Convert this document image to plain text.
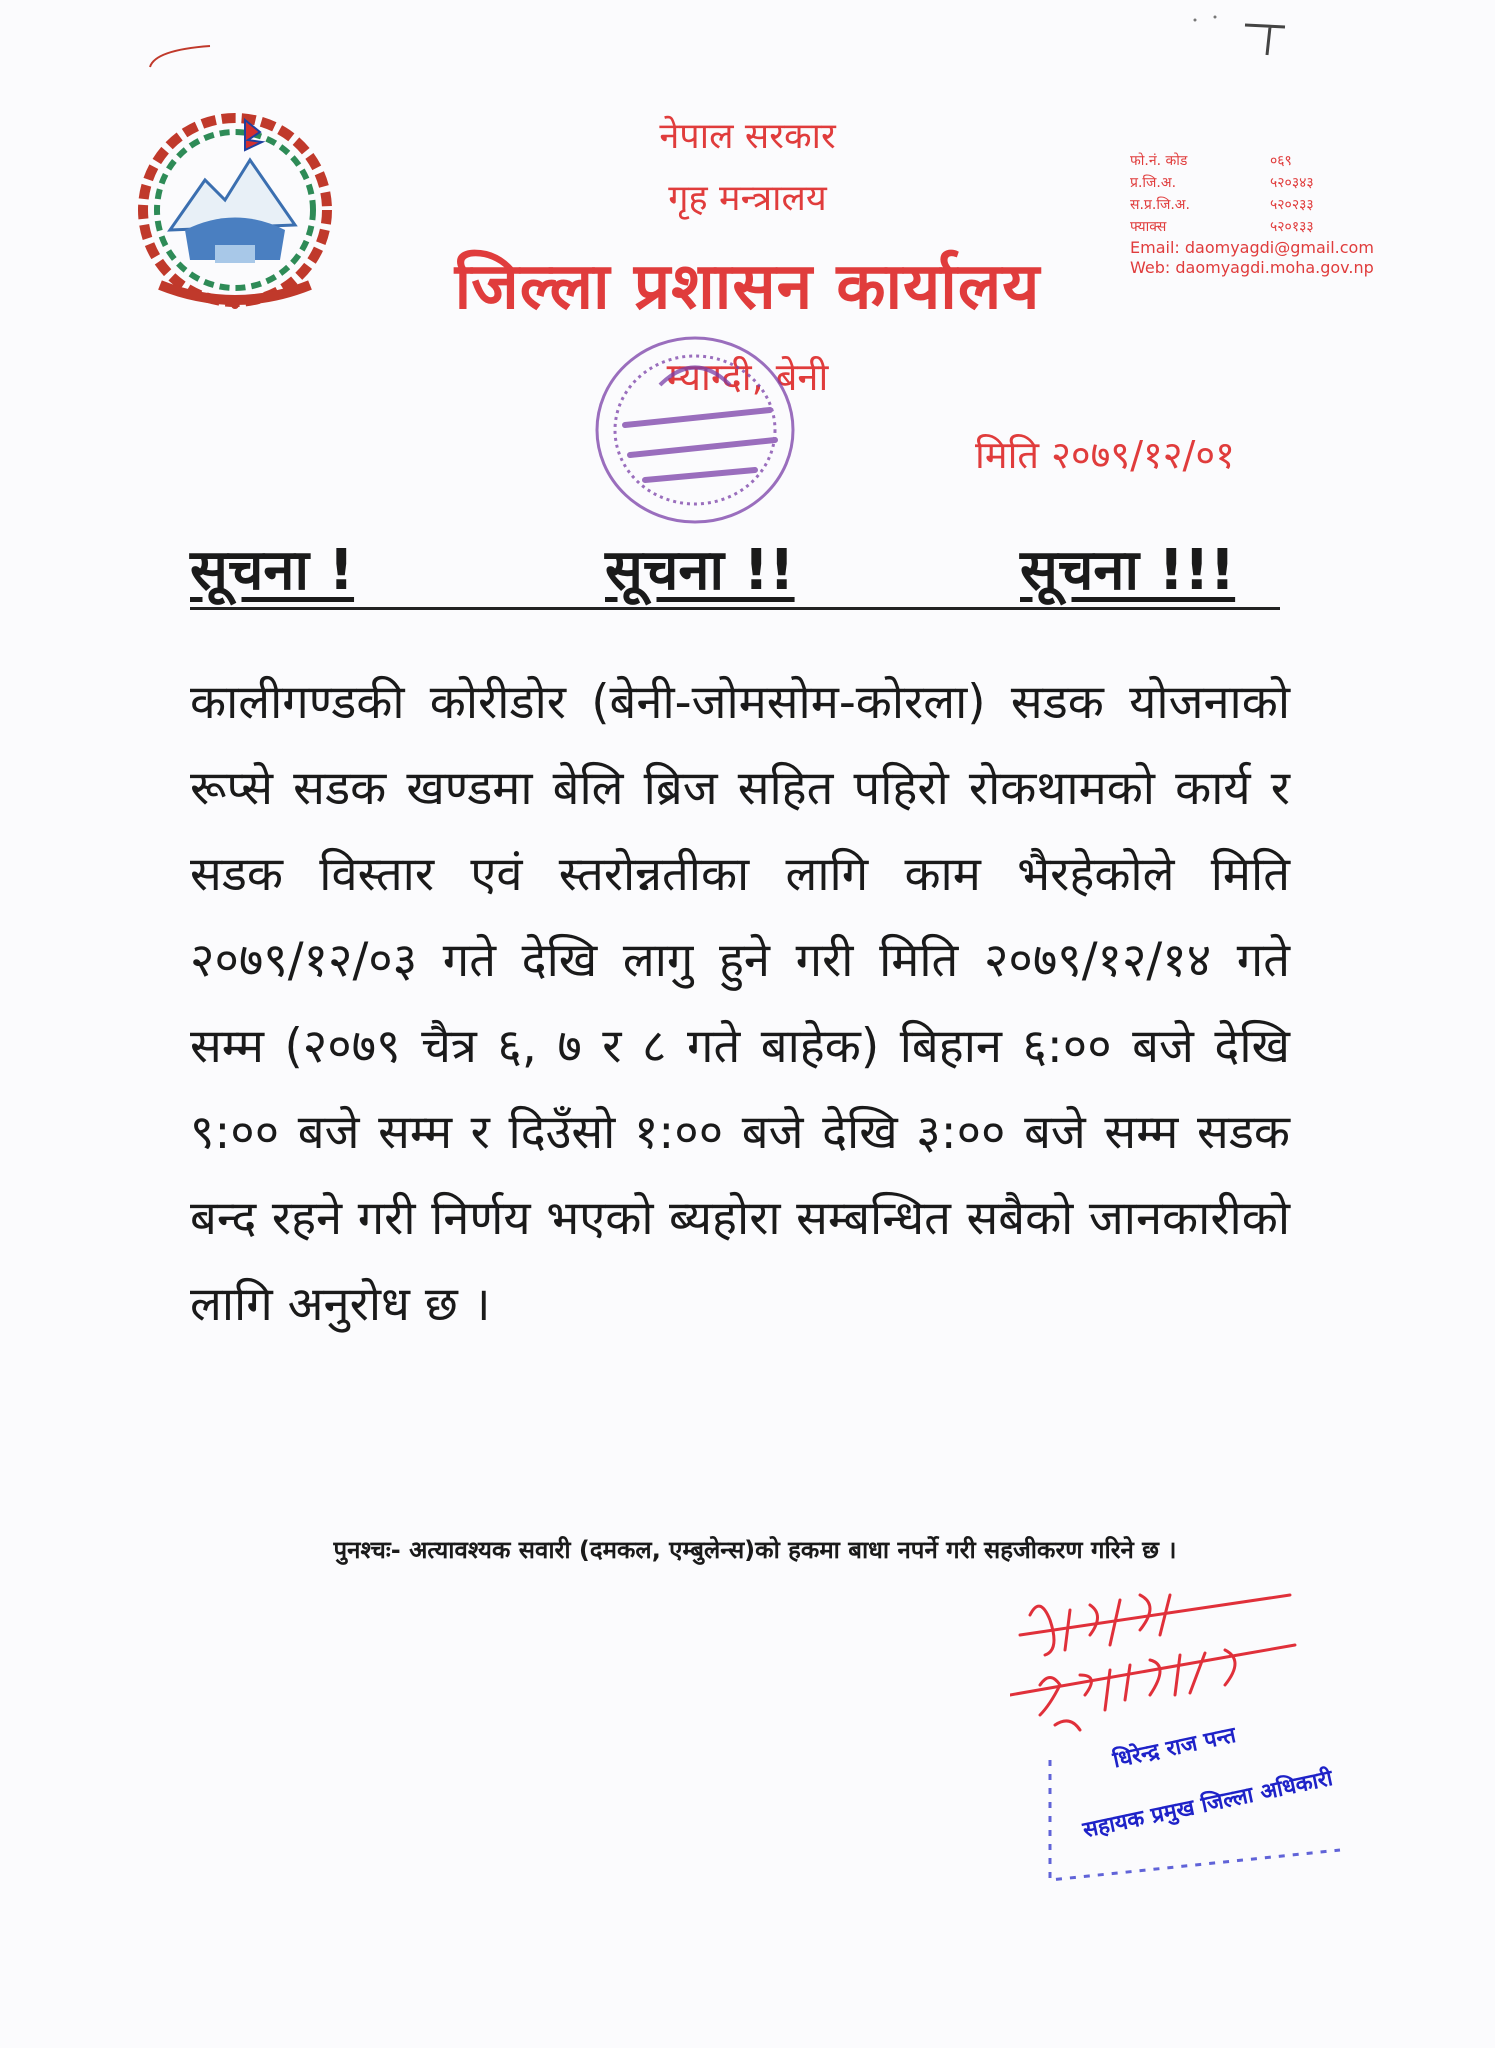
नेपाल सरकार
गृह मन्त्रालय
जिल्ला प्रशासन कार्यालय
म्याग्दी, बेनी
फो.नं. कोड	०६९
प्र.जि.अ.	५२०३४३
स.प्र.जि.अ.	५२०२३३
फ्याक्स	५२०१३३
Email: daomyagdi@gmail.com
Web: daomyagdi.moha.gov.np
मिति २०७९/१२/०१
सूचना !	सूचना !!	सूचना !!!
कालीगण्डकी कोरीडोर (बेनी-जोमसोम-कोरला) सडक योजनाको रूप्से सडक खण्डमा बेलि ब्रिज सहित पहिरो रोकथामको कार्य र सडक विस्तार एवं स्तरोन्नतीका लागि काम भैरहेकोले मिति २०७९/१२/०३ गते देखि लागु हुने गरी मिति २०७९/१२/१४ गते सम्म (२०७९ चैत्र ६, ७ र ८ गते बाहेक) बिहान ६:०० बजे देखि ९:०० बजे सम्म र दिउँसो १:०० बजे देखि ३:०० बजे सम्म सडक बन्द रहने गरी निर्णय भएको ब्यहोरा सम्बन्धित सबैको जानकारीको लागि अनुरोध छ ।
पुनश्चः- अत्यावश्यक सवारी (दमकल, एम्बुलेन्स)को हकमा बाधा नपर्ने गरी सहजीकरण गरिने छ ।
धिरेन्द्र राज पन्त
सहायक प्रमुख जिल्ला अधिकारी
